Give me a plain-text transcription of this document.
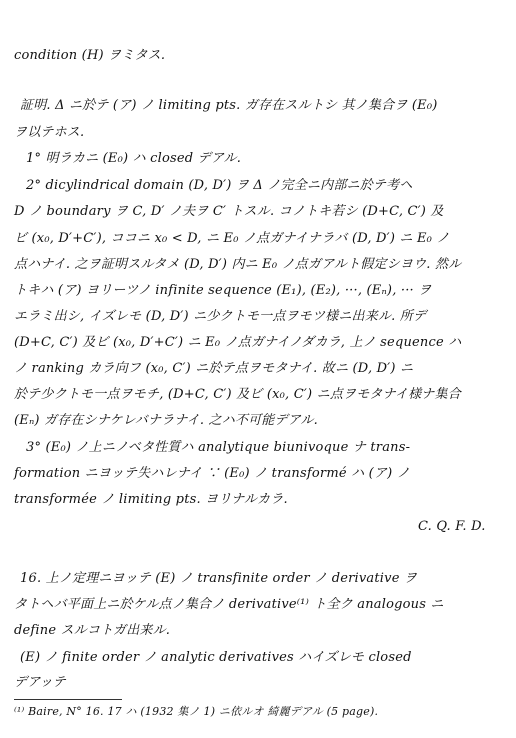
condition (H) ヲミタス.
証明. Δ ニ於テ (ア) ノ limiting pts. ガ存在スルトシ 其ノ集合ヲ (E₀)
ヲ以テホス.
1° 明ラカニ (E₀) ハ closed デアル.
2° dicylindrical domain (D, D′) ヲ Δ ノ完全ニ内部ニ於テ考ヘ
D ノ boundary ヲ C, D′ ノ夫ヲ C′ トスル. コノトキ若シ (D+C, C′) 及
ビ (x₀, D′+C′), ココニ x₀ < D, ニ E₀ ノ点ガナイナラバ (D, D′) ニ E₀ ノ
点ハナイ. 之ヲ証明スルタメ (D, D′) 内ニ E₀ ノ点ガアルト假定シヨウ. 然ル
トキハ (ア) ヨリーツノ infinite sequence (E₁), (E₂), ···, (Eₙ), ··· ヲ
エラミ出シ, イズレモ (D, D′) ニ少クトモ一点ヲモツ様ニ出来ル. 所デ
(D+C, C′) 及ビ (x₀, D′+C′) ニ E₀ ノ点ガナイノダカラ, 上ノ sequence ハ
ノ ranking カラ向フ (x₀, C′) ニ於テ点ヲモタナイ. 故ニ (D, D′) ニ
於テ少クトモ一点ヲモチ, (D+C, C′) 及ビ (x₀, C′) ニ点ヲモタナイ様ナ集合
(Eₙ) ガ存在シナケレバナラナイ. 之ハ不可能デアル.
3° (E₀) ノ上ニノベタ性質ハ analytique biunivoque ナ trans-
formation ニヨッテ失ハレナイ ∵ (E₀) ノ transformé ハ (ア) ノ
transformée ノ limiting pts. ヨリナルカラ.
C. Q. F. D.
16. 上ノ定理ニヨッテ (E) ノ transfinite order ノ derivative ヲ
タトヘバ平面上ニ於ケル点ノ集合ノ derivative⁽¹⁾ ト全ク analogous ニ
define スルコトガ出来ル.
(E) ノ finite order ノ analytic derivatives ハイズレモ closed
デアッテ
⁽¹⁾ Baire, N° 16. 17 ハ (1932 集ノ 1) ニ依ルオ 綺麗デアル (5 page).
